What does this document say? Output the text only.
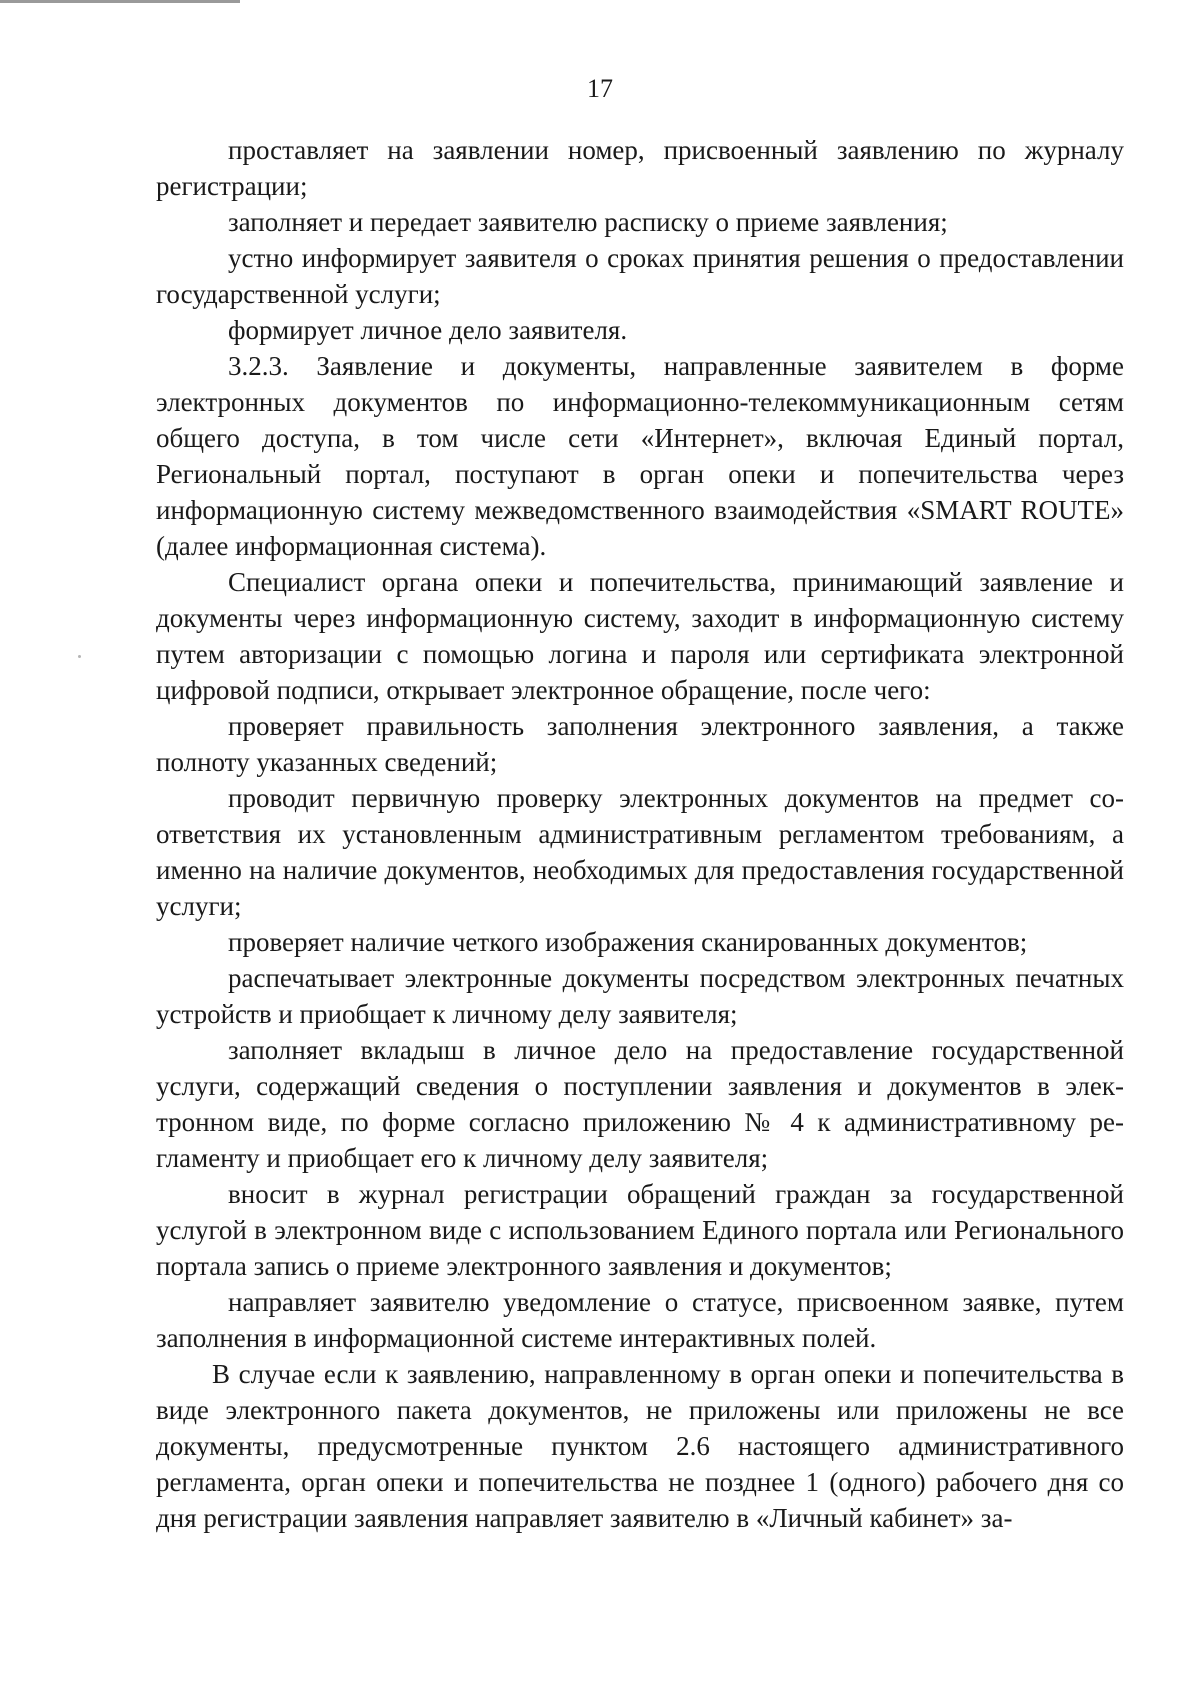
17

проставляет на заявлении номер, присвоенный заявлению по журналу регистрации;

заполняет и передает заявителю расписку о приеме заявления;

устно информирует заявителя о сроках принятия решения о предоставлении государственной услуги;

формирует личное дело заявителя.

3.2.3. Заявление и документы, направленные заявителем в форме электронных документов по информационно-телекоммуникационным сетям общего доступа, в том числе сети «Интернет», включая Единый портал, Региональный портал, поступают в орган опеки и попечительства через информационную систему межведомственного взаимодействия «SMART ROUTE» (далее информационная система).

Специалист органа опеки и попечительства, принимающий заявление и документы через информационную систему, заходит в информационную систему путем авторизации с помощью логина и пароля или сертификата электронной цифровой подписи, открывает электронное обращение, после чего:

проверяет правильность заполнения электронного заявления, а также полноту указанных сведений;

проводит первичную проверку электронных документов на предмет соответствия их установленным административным регламентом требованиям, а именно на наличие документов, необходимых для предоставления государственной услуги;

проверяет наличие четкого изображения сканированных документов;

распечатывает электронные документы посредством электронных печатных устройств и приобщает к личному делу заявителя;

заполняет вкладыш в личное дело на предоставление государственной услуги, содержащий сведения о поступлении заявления и документов в электронном виде, по форме согласно приложению № 4 к административному регламенту и приобщает его к личному делу заявителя;

вносит в журнал регистрации обращений граждан за государственной услугой в электронном виде с использованием Единого портала или Регионального портала запись о приеме электронного заявления и документов;

направляет заявителю уведомление о статусе, присвоенном заявке, путем заполнения в информационной системе интерактивных полей.

В случае если к заявлению, направленному в орган опеки и попечительства в виде электронного пакета документов, не приложены или приложены не все документы, предусмотренные пунктом 2.6 настоящего административного регламента, орган опеки и попечительства не позднее 1 (одного) рабочего дня со дня регистрации заявления направляет заявителю в «Личный кабинет» за-
